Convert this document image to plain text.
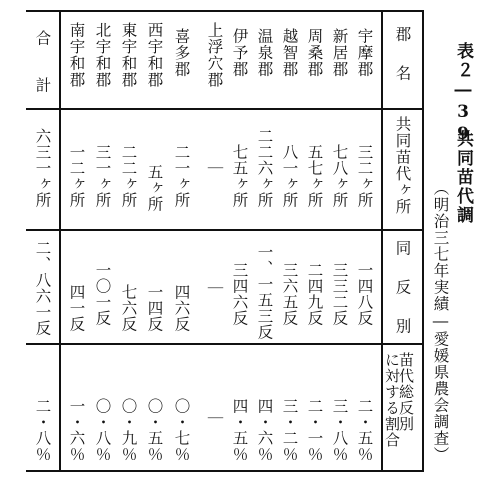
表２―39
共同苗代調
（明治三七年実績―愛媛県農会調査）
郡　名
共同苗代ヶ所
同　反　別
苗代総反別
に対する割合
宇摩郡
三二ヶ所
一四八反
二・五％
新居郡
七八ヶ所
三三二反
三・八％
周桑郡
五七ヶ所
二四九反
二・一％
越智郡
八一ヶ所
三六五反
三・二％
温泉郡
二二六ヶ所
一、一五三反
四・六％
伊予郡
七五ヶ所
三四六反
四・五％
上浮穴郡
｜
｜
｜
喜多郡
二一ヶ所
四六反
〇・七％
西宇和郡
五ヶ所
一四反
〇・五％
東宇和郡
二二ヶ所
七六反
〇・九％
北宇和郡
三一ヶ所
一〇一反
〇・八％
南宇和郡
一二ヶ所
四一反
一・六％
合　計
六三一ヶ所
二、八六一反
二・八％
